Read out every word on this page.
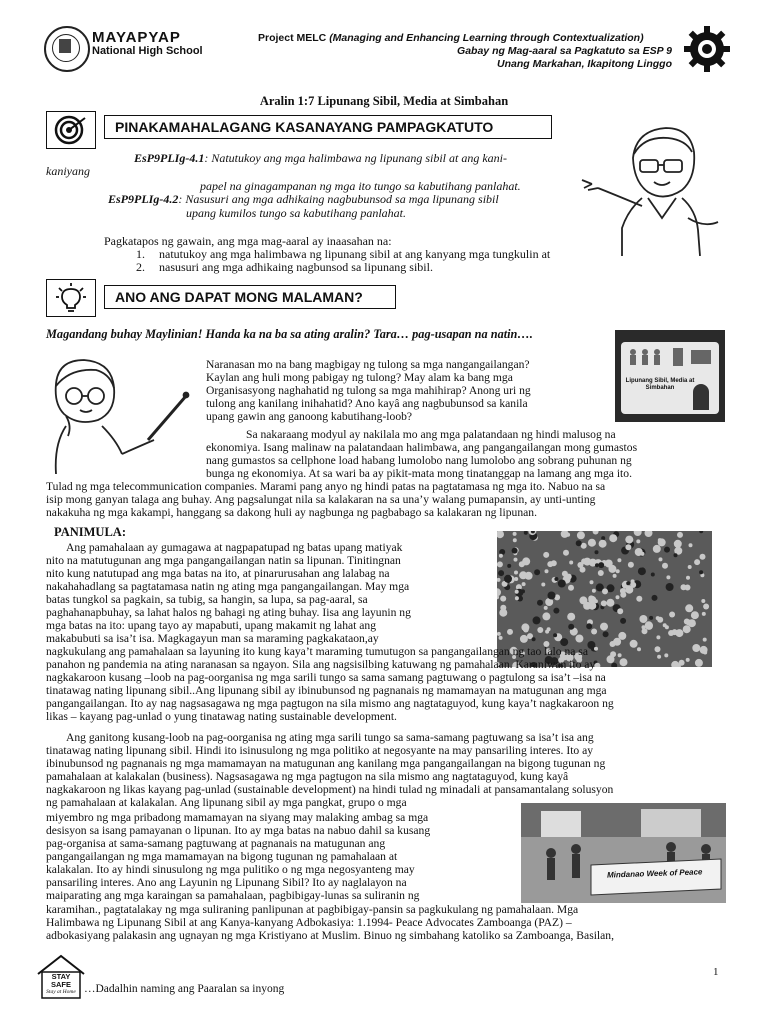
MAYAPYAP
National High School
Project MELC (Managing and Enhancing Learning through Contextualization)
Gabay ng Mag-aaral sa Pagkatuto sa ESP 9
Unang Markahan, Ikapitong Linggo
Aralin 1:7 Lipunang Sibil, Media at Simbahan
PINAKAMAHALAGANG KASANAYANG PAMPAGKATUTO
EsP9PLIg-4.1: Natutukoy ang mga halimbawa ng lipunang sibil at ang kani-
kaniyang
papel na ginagampanan ng mga ito tungo sa kabutihang panlahat.
EsP9PLIg-4.2: Nasusuri ang mga adhikaing nagbubunsod sa mga lipunang sibil
upang kumilos tungo sa kabutihang panlahat.
Pagkatapos ng gawain, ang mga mag-aaral ay inaasahan na:
1. natutukoy ang mga halimbawa ng lipunang sibil at ang kanyang mga tungkulin at
2. nasusuri ang mga adhikaing nagbunsod sa lipunang sibil.
ANO ANG DAPAT MONG MALAMAN?
Magandang buhay Maylinian! Handa ka na ba sa ating aralin? Tara… pag-usapan na natin….
Lipunang Sibil, Media at Simbahan

Naranasan mo na bang magbigay ng tulong sa mga nangangailangan?

Kaylan ang huli mong pabigay ng tulong? May alam ka bang mga

Organisasyong naghahatid ng tulong sa mga mahihirap? Anong uri ng

tulong ang kanilang inihahatid? Ano kayâ ang nagbubunsod sa kanila

upang gawin ang ganoong kabutihang-loob?

Sa nakaraang modyul ay nakilala mo ang mga palatandaan ng hindi malusog na

ekonomiya. Isang malinaw na palatandaan halimbawa, ang pangangailangan mong gumastos

nang gumastos sa cellphone load habang lumolobo nang lumolobo ang sobrang puhunan ng

bunga ng ekonomiya. At sa wari ba ay pikit-mata mong tinatanggap na lamang ang mga ito.

Tulad ng mga telecommunication companies. Marami pang anyo ng hindi patas na pagtatamasa ng mga ito. Nabuo na sa

isip mong ganyan talaga ang buhay. Ang pagsalungat nila sa kalakaran na sa una’y walang pumapansin, ay unti-unting

nakakuha ng mga kakampi, hanggang sa dakong huli ay nagbunga ng pagbabago sa kalakaran ng lipunan.

PANIMULA:

Ang pamahalaan ay gumagawa at nagpapatupad ng batas upang matiyak

nito na matutugunan ang mga pangangailangan natin sa lipunan. Tinitingnan

nito kung natutupad ang mga batas na ito, at pinarurusahan ang lalabag na

nakahahadlang sa pagtatamasa natin ng ating mga pangangailangan. May mga

batas tungkol sa pagkain, sa tubig, sa hangin, sa lupa, sa pag-aaral, sa

paghahanapbuhay, sa lahat halos ng bahagi ng ating buhay. Iisa ang layunin ng

mga batas na ito: upang tayo ay mapabuti, upang makamit ng lahat ang

makabubuti sa isa’t isa. Magkagayun man sa maraming pagkakataon,ay

nagkukulang ang pamahalaan sa layuning ito kung kaya’t maraming tumutugon sa pangangailangan ng tao lalo na sa

panahon ng pandemia na ating naranasan sa ngayon. Sila ang nagsisilbing katuwang ng pamahalaan. Karaniwan ito ay

nagkakaroon kusang –loob na pag-oorganisa ng mga sarili tungo sa sama samang pagtuwang o pagtulong sa isa’t –isa na

tinatawag nating lipunang sibil..Ang lipunang sibil ay ibinubunsod ng pagnanais ng mamamayan na matugunan ang mga

pangangailangan. Ito ay nag nagsasagawa ng mga pagtugon na sila mismo ang nagtataguyod, kung kaya’t nagkakaroon ng

likas – kayang pag-unlad o yung tinatawag nating sustainable development.

Ang ganitong kusang-loob na pag-oorganisa ng ating mga sarili tungo sa sama-samang pagtuwang sa isa’t isa ang

tinatawag nating lipunang sibil. Hindi ito isinusulong ng mga politiko at negosyante na may pansariling interes. Ito ay

ibinubunsod ng pagnanais ng mga mamamayan na matugunan ang kanilang mga pangangailangan na bigong tugunan ng

pamahalaan at kalakalan (business). Nagsasagawa ng mga pagtugon na sila mismo ang nagtataguyod, kung kayâ

nagkakaroon ng likas kayang pag-unlad (sustainable development) na hindi tulad ng minadali at pansamantalang solusyon

ng pamahalaan at kalakalan. Ang lipunang sibil ay mga pangkat, grupo o mga

Mindanao Week of Peace

miyembro ng mga pribadong mamamayan na siyang may malaking ambag sa mga

desisyon sa isang pamayanan o lipunan. Ito ay mga batas na nabuo dahil sa kusang

pag-organisa at sama-samang pagtuwang at pagnanais na matugunan ang

pangangailangan ng mga mamamayan na bigong tugunan ng pamahalaan at

kalakalan. Ito ay hindi sinusulong ng mga pulitiko o ng mga negosyanteng may

pansariling interes. Ano ang Layunin ng Lipunang Sibil? Ito ay naglalayon na

maiparating ang mga karaingan sa pamahalaan, pagbibigay-lunas sa suliranin ng

karamihan., pagtatalakay ng mga suliraning panlipunan at pagbibigay-pansin sa pagkukulang ng pamahalaan. Mga

Halimbawa ng Lipunang Sibil at ang Kanya-kanyang Adbokasiya: 1.1994- Peace Advocates Zamboanga (PAZ) –

adbokasiyang palakasin ang ugnayan ng mga Kristiyano at Muslim. Binuo ng simbahang katoliko sa Zamboanga, Basilan,

STAY SAFE
Stay at Home …Dadalhin naming ang Paaralan sa inyong
1
